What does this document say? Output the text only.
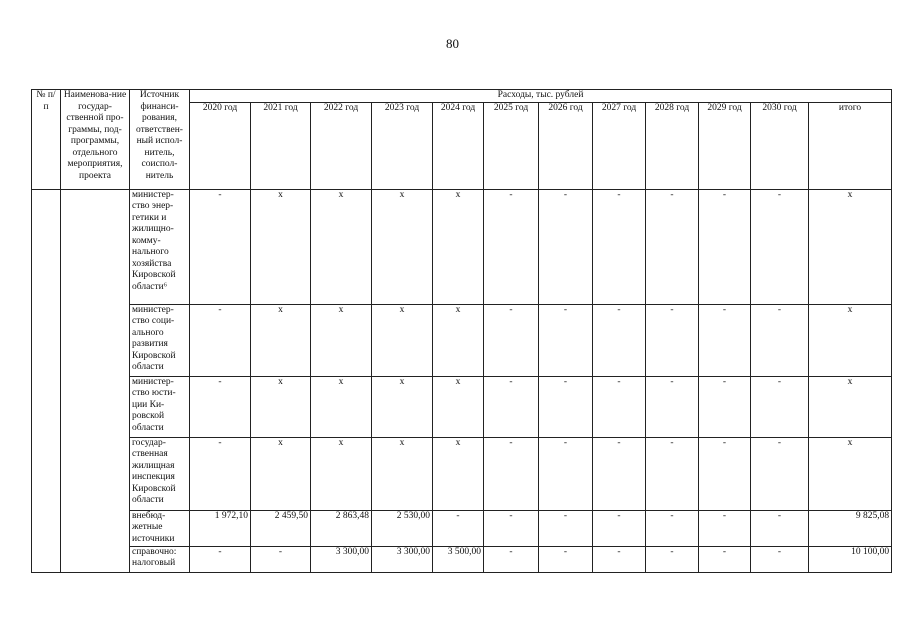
80
№ п/п	Наименова-ние государ-ственной про-граммы, под-программы, отдельного мероприятия, проекта	Источник финанси-рования, ответствен-ный испол-нитель, соиспол-нитель	Расходы, тыс. рублей											
			2020 год	2021 год	2022 год	2023 год	2024 год	2025 год	2026 год	2027 год	2028 год	2029 год	2030 год	итого
		министер-ство энер-гетики и жилищно-комму-нального хозяйства Кировской области⁶	-	x	x	x	x	-	-	-	-	-	-	x
		министер-ство соци-ального развития Кировской области	-	x	x	x	x	-	-	-	-	-	-	x
		министер-ство юсти-ции Ки-ровской области	-	x	x	x	x	-	-	-	-	-	-	x
		государ-ственная жилищная инспекция Кировской области	-	x	x	x	x	-	-	-	-	-	-	x
		внебюд-жетные источники	1 972,10	2 459,50	2 863,48	2 530,00	-	-	-	-	-	-	-	9 825,08
		справочно: налоговый	-	-	3 300,00	3 300,00	3 500,00	-	-	-	-	-	-	10 100,00
